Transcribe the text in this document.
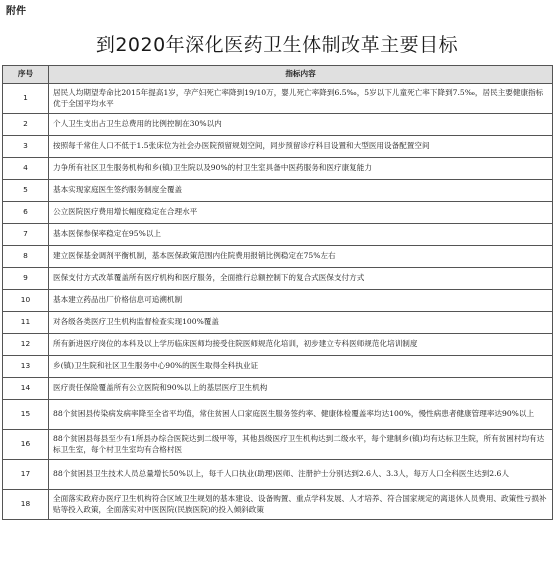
附件
到2020年深化医药卫生体制改革主要目标
序号	指标内容
1	居民人均期望寿命比2015年提高1岁，孕产妇死亡率降到19/10万，婴儿死亡率降到6.5‰，5岁以下儿童死亡率下降到7.5‰，居民主要健康指标优于全国平均水平
2	个人卫生支出占卫生总费用的比例控制在30%以内
3	按照每千常住人口不低于1.5张床位为社会办医院预留规划空间，同步预留诊疗科目设置和大型医用设备配置空间
4	力争所有社区卫生服务机构和乡(镇)卫生院以及90%的村卫生室具备中医药服务和医疗康复能力
5	基本实现家庭医生签约服务制度全覆盖
6	公立医院医疗费用增长幅度稳定在合理水平
7	基本医保参保率稳定在95%以上
8	建立医保基金调剂平衡机制，基本医保政策范围内住院费用报销比例稳定在75%左右
9	医保支付方式改革覆盖所有医疗机构和医疗服务，全面推行总额控制下的复合式医保支付方式
10	基本建立药品出厂价格信息可追溯机制
11	对各级各类医疗卫生机构监督检查实现100%覆盖
12	所有新进医疗岗位的本科及以上学历临床医师均接受住院医师规范化培训，初步建立专科医师规范化培训制度
13	乡(镇)卫生院和社区卫生服务中心90%的医生取得全科执业证
14	医疗责任保险覆盖所有公立医院和90%以上的基层医疗卫生机构
15	88个贫困县传染病发病率降至全省平均值，常住贫困人口家庭医生服务签约率、健康体检覆盖率均达100%，慢性病患者健康管理率达90%以上
16	88个贫困县每县至少有1所县办综合医院达到二级甲等，其他县级医疗卫生机构达到二级水平，每个建制乡(镇)均有达标卫生院，所有贫困村均有达标卫生室，每个村卫生室均有合格村医
17	88个贫困县卫生技术人员总量增长50%以上，每千人口执业(助理)医师、注册护士分别达到2.6人、3.3人，每万人口全科医生达到2.6人
18	全面落实政府办医疗卫生机构符合区域卫生规划的基本建设、设备购置、重点学科发展、人才培养、符合国家规定的离退休人员费用、政策性亏损补贴等投入政策，全面落实对中医医院(民族医院)的投入倾斜政策
